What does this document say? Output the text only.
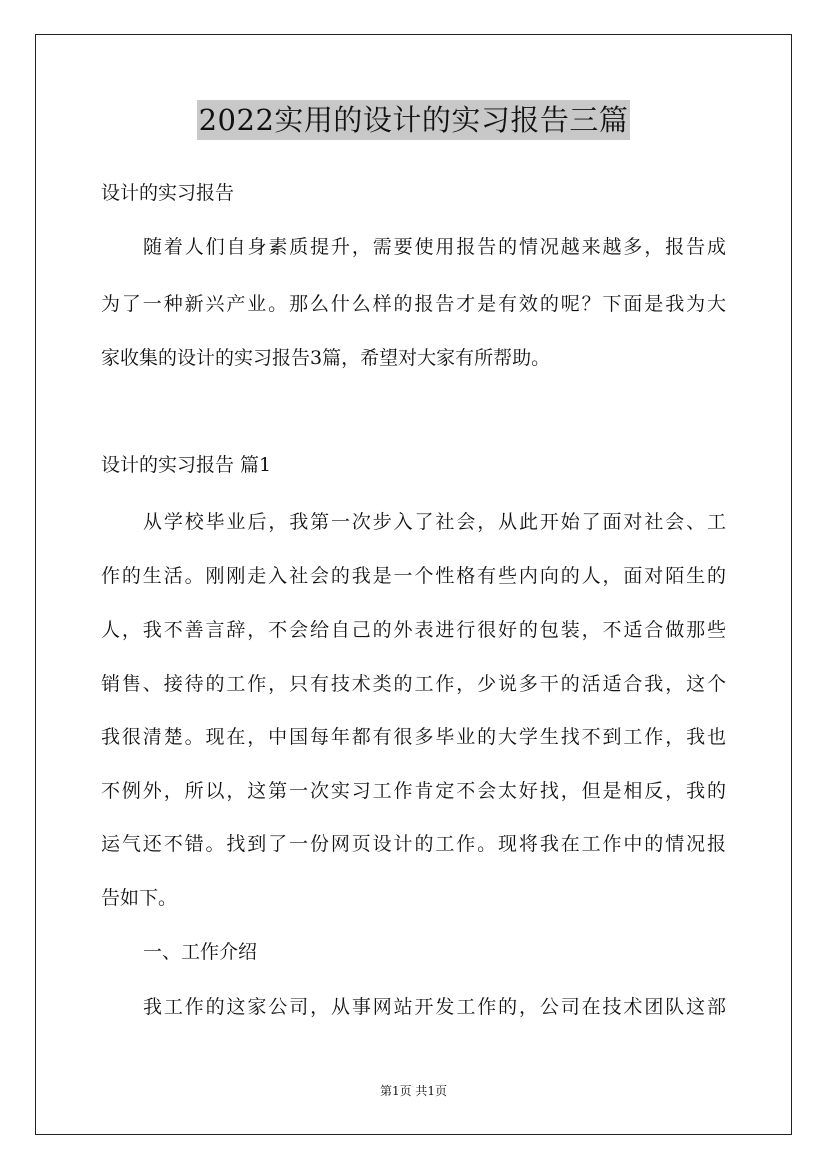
2022实用的设计的实习报告三篇
设计的实习报告
随着人们自身素质提升，需要使用报告的情况越来越多，报告成
为了一种新兴产业。那么什么样的报告才是有效的呢？下面是我为大
家收集的设计的实习报告3篇，希望对大家有所帮助。
设计的实习报告 篇1
从学校毕业后，我第一次步入了社会，从此开始了面对社会、工
作的生活。刚刚走入社会的我是一个性格有些内向的人，面对陌生的
人，我不善言辞，不会给自己的外表进行很好的包装，不适合做那些
销售、接待的工作，只有技术类的工作，少说多干的活适合我，这个
我很清楚。现在，中国每年都有很多毕业的大学生找不到工作，我也
不例外，所以，这第一次实习工作肯定不会太好找，但是相反，我的
运气还不错。找到了一份网页设计的工作。现将我在工作中的情况报
告如下。
一、工作介绍
我工作的这家公司，从事网站开发工作的，公司在技术团队这部
第1页 共1页
